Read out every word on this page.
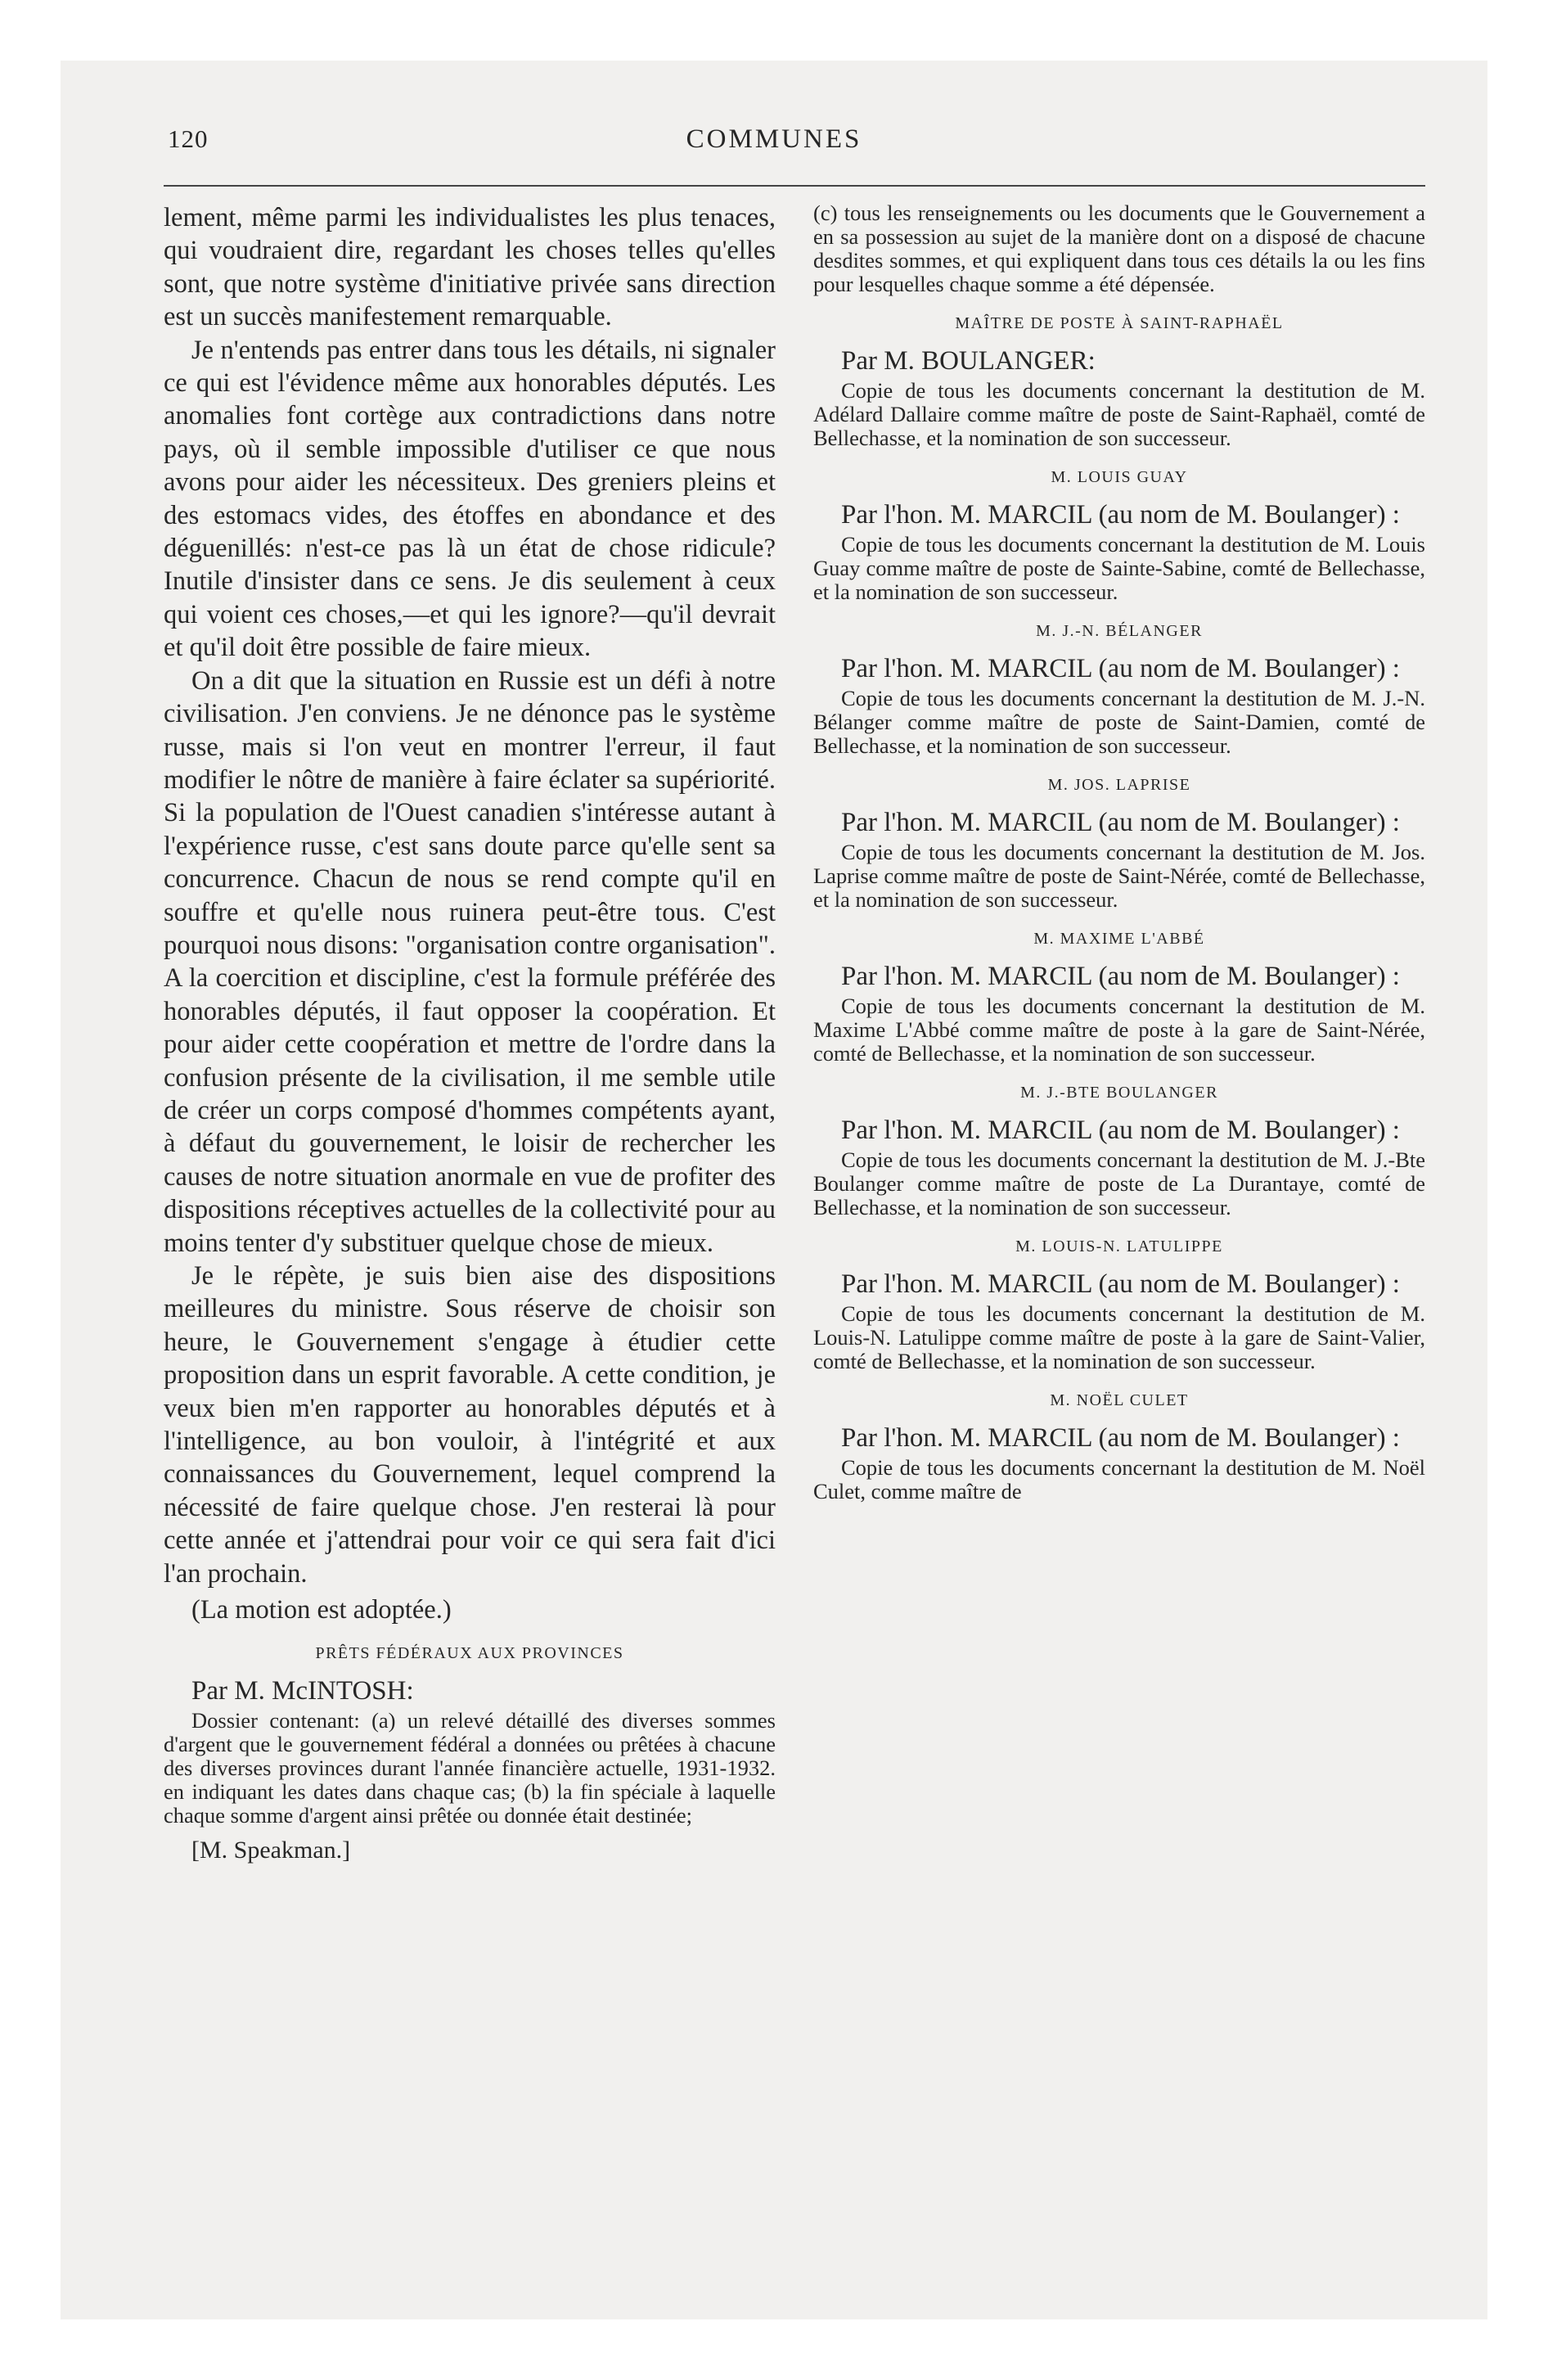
120	COMMUNES

lement, même parmi les individualistes les plus tenaces, qui voudraient dire, regardant les choses telles qu'elles sont, que notre système d'initiative privée sans direction est un succès manifestement remarquable.

Je n'entends pas entrer dans tous les détails, ni signaler ce qui est l'évidence même aux honorables députés. Les anomalies font cortège aux contradictions dans notre pays, où il semble impossible d'utiliser ce que nous avons pour aider les nécessiteux. Des greniers pleins et des estomacs vides, des étoffes en abondance et des déguenillés: n'est-ce pas là un état de chose ridicule? Inutile d'insister dans ce sens. Je dis seulement à ceux qui voient ces choses,—et qui les ignore?—qu'il devrait et qu'il doit être possible de faire mieux.

On a dit que la situation en Russie est un défi à notre civilisation. J'en conviens. Je ne dénonce pas le système russe, mais si l'on veut en montrer l'erreur, il faut modifier le nôtre de manière à faire éclater sa supériorité. Si la population de l'Ouest canadien s'intéresse autant à l'expérience russe, c'est sans doute parce qu'elle sent sa concurrence. Chacun de nous se rend compte qu'il en souffre et qu'elle nous ruinera peut-être tous. C'est pourquoi nous disons: "organisation contre organisation". A la coercition et discipline, c'est la formule préférée des honorables députés, il faut opposer la coopération. Et pour aider cette coopération et mettre de l'ordre dans la confusion présente de la civilisation, il me semble utile de créer un corps composé d'hommes compétents ayant, à défaut du gouvernement, le loisir de rechercher les causes de notre situation anormale en vue de profiter des dispositions réceptives actuelles de la collectivité pour au moins tenter d'y substituer quelque chose de mieux.

Je le répète, je suis bien aise des dispositions meilleures du ministre. Sous réserve de choisir son heure, le Gouvernement s'engage à étudier cette proposition dans un esprit favorable. A cette condition, je veux bien m'en rapporter au honorables députés et à l'intelligence, au bon vouloir, à l'intégrité et aux connaissances du Gouvernement, lequel comprend la nécessité de faire quelque chose. J'en resterai là pour cette année et j'attendrai pour voir ce qui sera fait d'ici l'an prochain.

(La motion est adoptée.)

PRÊTS FÉDÉRAUX AUX PROVINCES

Par M. McINTOSH:

Dossier contenant: (a) un relevé détaillé des diverses sommes d'argent que le gouvernement fédéral a données ou prêtées à chacune des diverses provinces durant l'année financière actuelle, 1931-1932. en indiquant les dates dans chaque cas; (b) la fin spéciale à laquelle chaque somme d'argent ainsi prêtée ou donnée était destinée;

[M. Speakman.]

(c) tous les renseignements ou les documents que le Gouvernement a en sa possession au sujet de la manière dont on a disposé de chacune desdites sommes, et qui expliquent dans tous ces détails la ou les fins pour lesquelles chaque somme a été dépensée.

MAÎTRE DE POSTE À SAINT-RAPHAËL

Par M. BOULANGER:

Copie de tous les documents concernant la destitution de M. Adélard Dallaire comme maître de poste de Saint-Raphaël, comté de Bellechasse, et la nomination de son successeur.

M. LOUIS GUAY

Par l'hon. M. MARCIL (au nom de M. Boulanger) :

Copie de tous les documents concernant la destitution de M. Louis Guay comme maître de poste de Sainte-Sabine, comté de Bellechasse, et la nomination de son successeur.

M. J.-N. BÉLANGER

Par l'hon. M. MARCIL (au nom de M. Boulanger) :

Copie de tous les documents concernant la destitution de M. J.-N. Bélanger comme maître de poste de Saint-Damien, comté de Bellechasse, et la nomination de son successeur.

M. JOS. LAPRISE

Par l'hon. M. MARCIL (au nom de M. Boulanger) :

Copie de tous les documents concernant la destitution de M. Jos. Laprise comme maître de poste de Saint-Nérée, comté de Bellechasse, et la nomination de son successeur.

M. MAXIME L'ABBÉ

Par l'hon. M. MARCIL (au nom de M. Boulanger) :

Copie de tous les documents concernant la destitution de M. Maxime L'Abbé comme maître de poste à la gare de Saint-Nérée, comté de Bellechasse, et la nomination de son successeur.

M. J.-BTE BOULANGER

Par l'hon. M. MARCIL (au nom de M. Boulanger) :

Copie de tous les documents concernant la destitution de M. J.-Bte Boulanger comme maître de poste de La Durantaye, comté de Bellechasse, et la nomination de son successeur.

M. LOUIS-N. LATULIPPE

Par l'hon. M. MARCIL (au nom de M. Boulanger) :

Copie de tous les documents concernant la destitution de M. Louis-N. Latulippe comme maître de poste à la gare de Saint-Valier, comté de Bellechasse, et la nomination de son successeur.

M. NOËL CULET

Par l'hon. M. MARCIL (au nom de M. Boulanger) :

Copie de tous les documents concernant la destitution de M. Noël Culet, comme maître de
